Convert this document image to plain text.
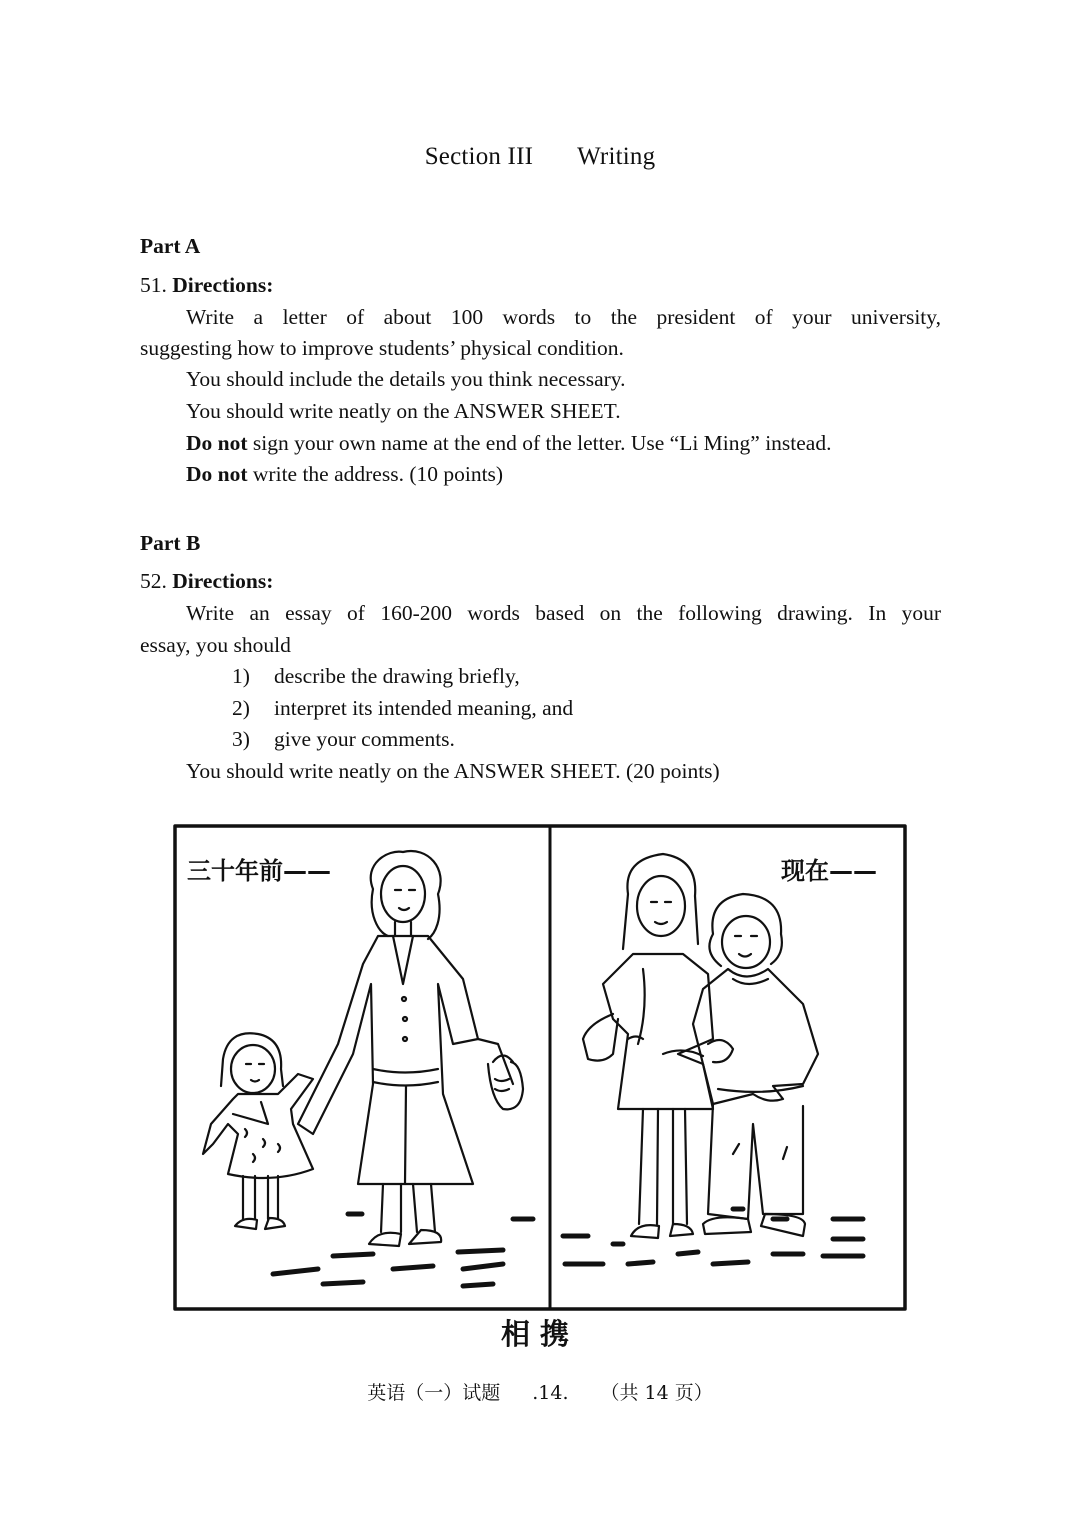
Section III Writing
Part A
51. Directions:
Write a letter of about 100 words to the president of your university,
suggesting how to improve students’ physical condition.
You should include the details you think necessary.
You should write neatly on the ANSWER SHEET.
Do not sign your own name at the end of the letter. Use “Li Ming” instead.
Do not write the address. (10 points)
Part B
52. Directions:
Write an essay of 160-200 words based on the following drawing. In your
essay, you should
1) describe the drawing briefly,
2) interpret its intended meaning, and
3) give your comments.
You should write neatly on the ANSWER SHEET. (20 points)
三十年前——	现在——
相携
英语（一）试题 .14. （共 14 页）
